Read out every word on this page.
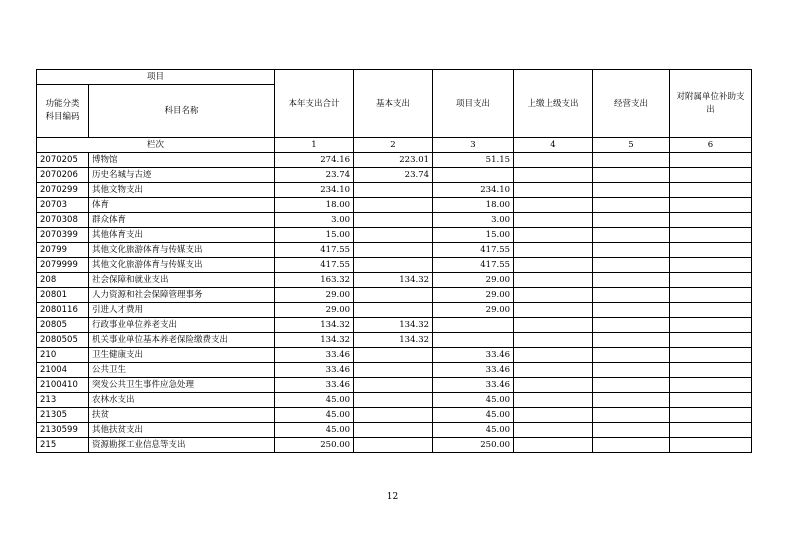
项目		本年支出合计	基本支出	项目支出	上缴上级支出	经营支出	对附属单位补助支出
功能分类
科目编码	科目名称						
栏次		1	2	3	4	5	6
2070205	博物馆	274.16	223.01	51.15			
2070206	历史名城与古迹	23.74	23.74				
2070299	其他文物支出	234.10		234.10			
20703	体育	18.00		18.00			
2070308	群众体育	3.00		3.00			
2070399	其他体育支出	15.00		15.00			
20799	其他文化旅游体育与传媒支出	417.55		417.55			
2079999	其他文化旅游体育与传媒支出	417.55		417.55			
208	社会保障和就业支出	163.32	134.32	29.00			
20801	人力资源和社会保障管理事务	29.00		29.00			
2080116	引进人才费用	29.00		29.00			
20805	行政事业单位养老支出	134.32	134.32				
2080505	机关事业单位基本养老保险缴费支出	134.32	134.32				
210	卫生健康支出	33.46		33.46			
21004	公共卫生	33.46		33.46			
2100410	突发公共卫生事件应急处理	33.46		33.46			
213	农林水支出	45.00		45.00			
21305	扶贫	45.00		45.00			
2130599	其他扶贫支出	45.00		45.00			
215	资源勘探工业信息等支出	250.00		250.00			
12
